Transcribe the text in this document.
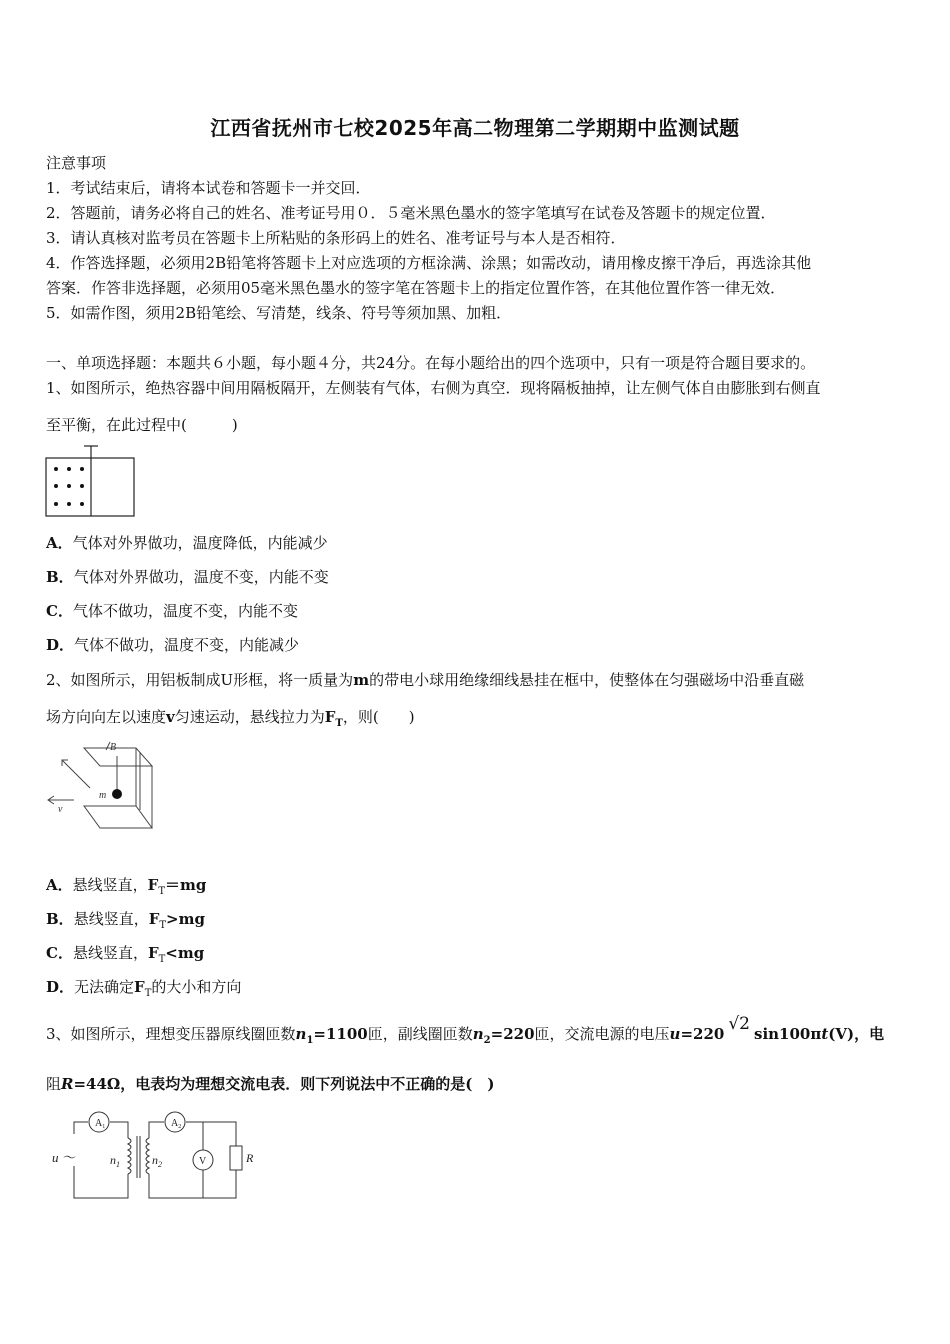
江西省抚州市七校2025年高二物理第二学期期中监测试题
注意事项
1．考试结束后，请将本试卷和答题卡一并交回．
2．答题前，请务必将自己的姓名、准考证号用０．５毫米黑色墨水的签字笔填写在试卷及答题卡的规定位置．
3．请认真核对监考员在答题卡上所粘贴的条形码上的姓名、准考证号与本人是否相符．
4．作答选择题，必须用2B铅笔将答题卡上对应选项的方框涂满、涂黑；如需改动，请用橡皮擦干净后，再选涂其他
答案．作答非选择题，必须用05毫米黑色墨水的签字笔在答题卡上的指定位置作答，在其他位置作答一律无效．
5．如需作图，须用2B铅笔绘、写清楚，线条、符号等须加黑、加粗．
一、单项选择题：本题共６小题，每小题４分，共24分。在每小题给出的四个选项中，只有一项是符合题目要求的。
1、如图所示，绝热容器中间用隔板隔开，左侧装有气体，右侧为真空．现将隔板抽掉，让左侧气体自由膨胀到右侧直
至平衡，在此过程中(　　　)
A．气体对外界做功，温度降低，内能减少
B．气体对外界做功，温度不变，内能不变
C．气体不做功，温度不变，内能不变
D．气体不做功，温度不变，内能减少
2、如图所示，用铝板制成U形框，将一质量为m的带电小球用绝缘细线悬挂在框中，使整体在匀强磁场中沿垂直磁
场方向向左以速度v匀速运动，悬线拉力为$F_T$，则(　　)
B
m
v
A．悬线竖直，$F_T=mg$
B．悬线竖直，$F_T>mg$
C．悬线竖直，$F_T<mg$
D．无法确定$F_T$的大小和方向
3、如图所示，理想变压器原线圈匝数$n_1=1100$匝，副线圈匝数$n_2=220$匝，交流电源的电压u=220 √2 sin100πt(V)，电
阻R=44Ω，电表均为理想交流电表．则下列说法中不正确的是(　)
$A_1$	$A_2$
V
u ～	$n_1$	$n_2$	R
